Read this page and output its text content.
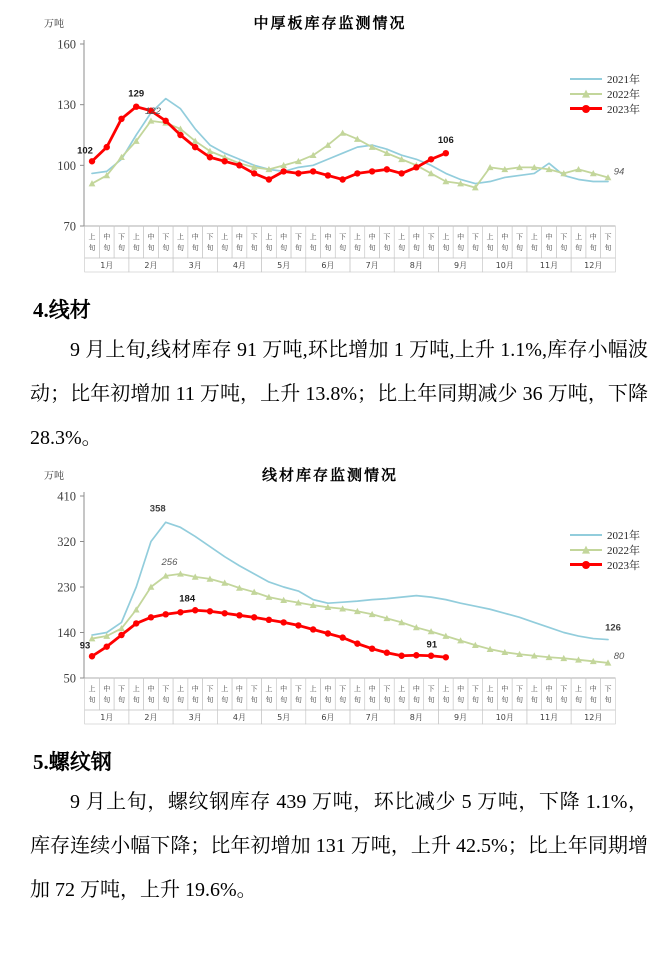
万吨	中厚板库存监测情况
70
100
130
160
上
旬
中
旬
下
旬
上
旬
中
旬
下
旬
上
旬
中
旬
下
旬
上
旬
中
旬
下
旬
上
旬
中
旬
下
旬
上
旬
中
旬
下
旬
上
旬
中
旬
下
旬
上
旬
中
旬
下
旬
上
旬
中
旬
下
旬
上
旬
中
旬
下
旬
上
旬
中
旬
下
旬
上
旬
中
旬
下
旬
1月	2月	3月	4月	5月	6月	7月	8月	9月	10月	11月	12月
102
129
106
122
94
2021年
2022年
2023年
4.线材

9 月上旬,线材库存 91 万吨,环比增加 1 万吨,上升 1.1%,库存小幅波动；比年初增加 11 万吨，上升 13.8%；比上年同期减少 36 万吨，下降 28.3%。

万吨	线材库存监测情况
50
140
230
320
410
上
旬
中
旬
下
旬
上
旬
中
旬
下
旬
上
旬
中
旬
下
旬
上
旬
中
旬
下
旬
上
旬
中
旬
下
旬
上
旬
中
旬
下
旬
上
旬
中
旬
下
旬
上
旬
中
旬
下
旬
上
旬
中
旬
下
旬
上
旬
中
旬
下
旬
上
旬
中
旬
下
旬
上
旬
中
旬
下
旬
1月	2月	3月	4月	5月	6月	7月	8月	9月	10月	11月	12月
93
184
91
358
126
256
80
2021年
2022年
2023年
5.螺纹钢

9 月上旬，螺纹钢库存 439 万吨，环比减少 5 万吨，下降 1.1%，库存连续小幅下降；比年初增加 131 万吨，上升 42.5%；比上年同期增加 72 万吨，上升 19.6%。
